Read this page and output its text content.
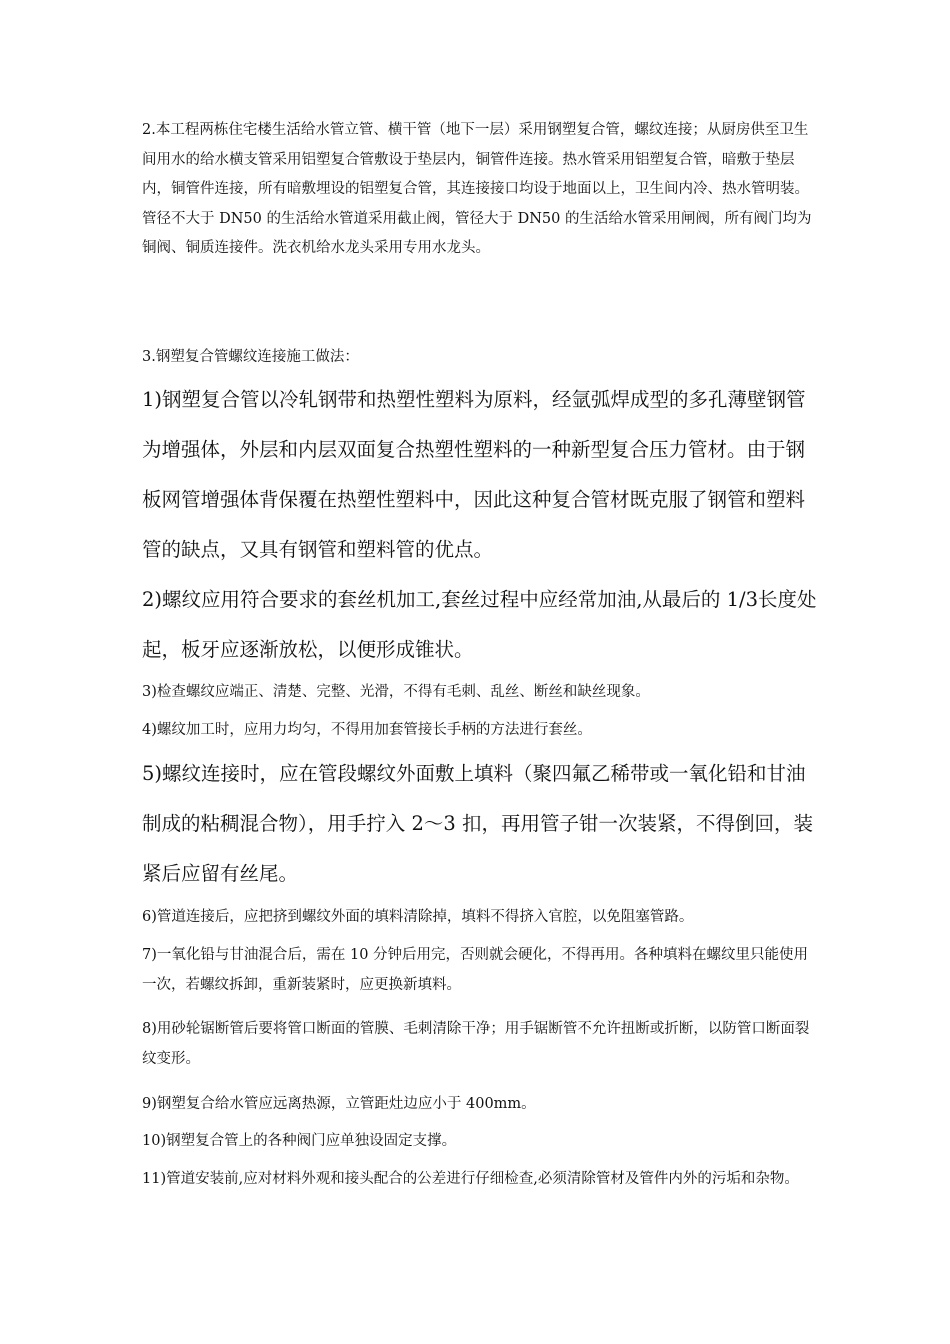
2.本工程两栋住宅楼生活给水管立管、横干管（地下一层）采用钢塑复合管，螺纹连接；从厨房供至卫生间用水的给水横支管采用铝塑复合管敷设于垫层内，铜管件连接。热水管采用铝塑复合管，暗敷于垫层内，铜管件连接，所有暗敷埋设的铝塑复合管，其连接接口均设于地面以上，卫生间内冷、热水管明装。管径不大于 DN50 的生活给水管道采用截止阀，管径大于 DN50 的生活给水管采用闸阀，所有阀门均为铜阀、铜质连接件。洗衣机给水龙头采用专用水龙头。

3.钢塑复合管螺纹连接施工做法：

1)钢塑复合管以冷轧钢带和热塑性塑料为原料，经氩弧焊成型的多孔薄壁钢管为增强体，外层和内层双面复合热塑性塑料的一种新型复合压力管材。由于钢板网管增强体背保覆在热塑性塑料中，因此这种复合管材既克服了钢管和塑料管的缺点，又具有钢管和塑料管的优点。

2)螺纹应用符合要求的套丝机加工,套丝过程中应经常加油,从最后的 1/3长度处起，板牙应逐渐放松，以便形成锥状。

3)检查螺纹应端正、清楚、完整、光滑，不得有毛刺、乱丝、断丝和缺丝现象。

4)螺纹加工时，应用力均匀，不得用加套管接长手柄的方法进行套丝。

5)螺纹连接时，应在管段螺纹外面敷上填料（聚四氟乙稀带或一氧化铅和甘油制成的粘稠混合物），用手拧入 2～3 扣，再用管子钳一次装紧，不得倒回，装紧后应留有丝尾。

6)管道连接后，应把挤到螺纹外面的填料清除掉，填料不得挤入官腔，以免阻塞管路。

7)一氧化铅与甘油混合后，需在 10 分钟后用完，否则就会硬化，不得再用。各种填料在螺纹里只能使用一次，若螺纹拆卸，重新装紧时，应更换新填料。

8)用砂轮锯断管后要将管口断面的管膜、毛刺清除干净；用手锯断管不允许扭断或折断，以防管口断面裂纹变形。

9)钢塑复合给水管应远离热源，立管距灶边应小于 400mm。

10)钢塑复合管上的各种阀门应单独设固定支撑。

11)管道安装前,应对材料外观和接头配合的公差进行仔细检查,必须清除管材及管件内外的污垢和杂物。
